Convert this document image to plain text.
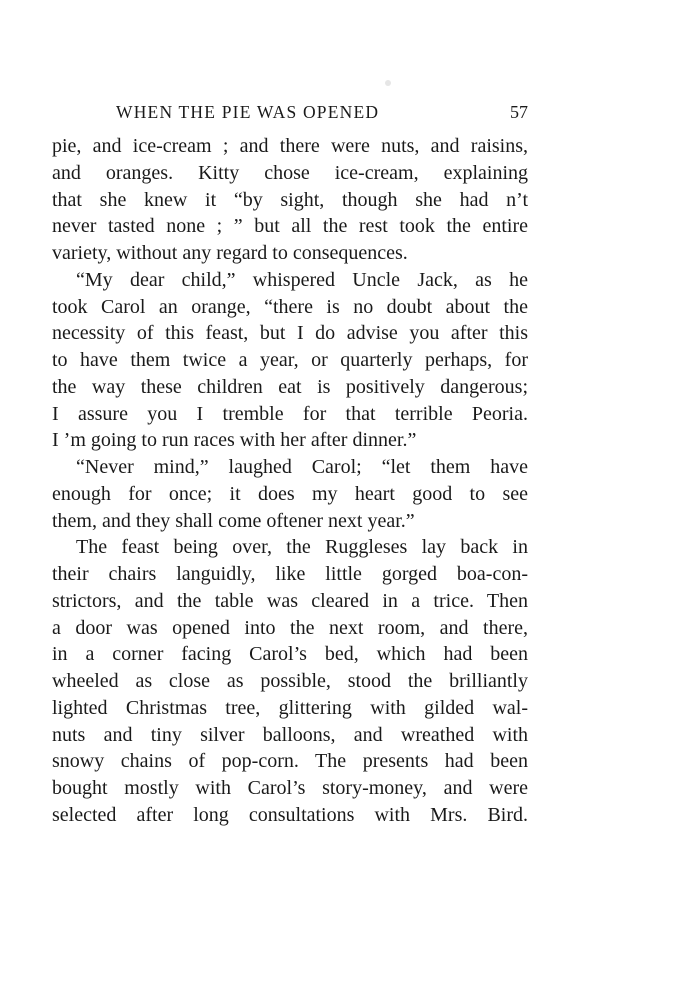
WHEN THE PIE WAS OPENED	57
pie, and ice-cream ; and there were nuts, and raisins,
and oranges. Kitty chose ice-cream, explaining
that she knew it “by sight, though she had n’t
never tasted none ; ” but all the rest took the entire
variety, without any regard to consequences.
“My dear child,” whispered Uncle Jack, as he
took Carol an orange, “there is no doubt about the
necessity of this feast, but I do advise you after this
to have them twice a year, or quarterly perhaps, for
the way these children eat is positively dangerous;
I assure you I tremble for that terrible Peoria.
I ’m going to run races with her after dinner.”
“Never mind,” laughed Carol; “let them have
enough for once; it does my heart good to see
them, and they shall come oftener next year.”
The feast being over, the Ruggleses lay back in
their chairs languidly, like little gorged boa-con-
strictors, and the table was cleared in a trice. Then
a door was opened into the next room, and there,
in a corner facing Carol’s bed, which had been
wheeled as close as possible, stood the brilliantly
lighted Christmas tree, glittering with gilded wal-
nuts and tiny silver balloons, and wreathed with
snowy chains of pop-corn. The presents had been
bought mostly with Carol’s story-money, and were
selected after long consultations with Mrs. Bird.
